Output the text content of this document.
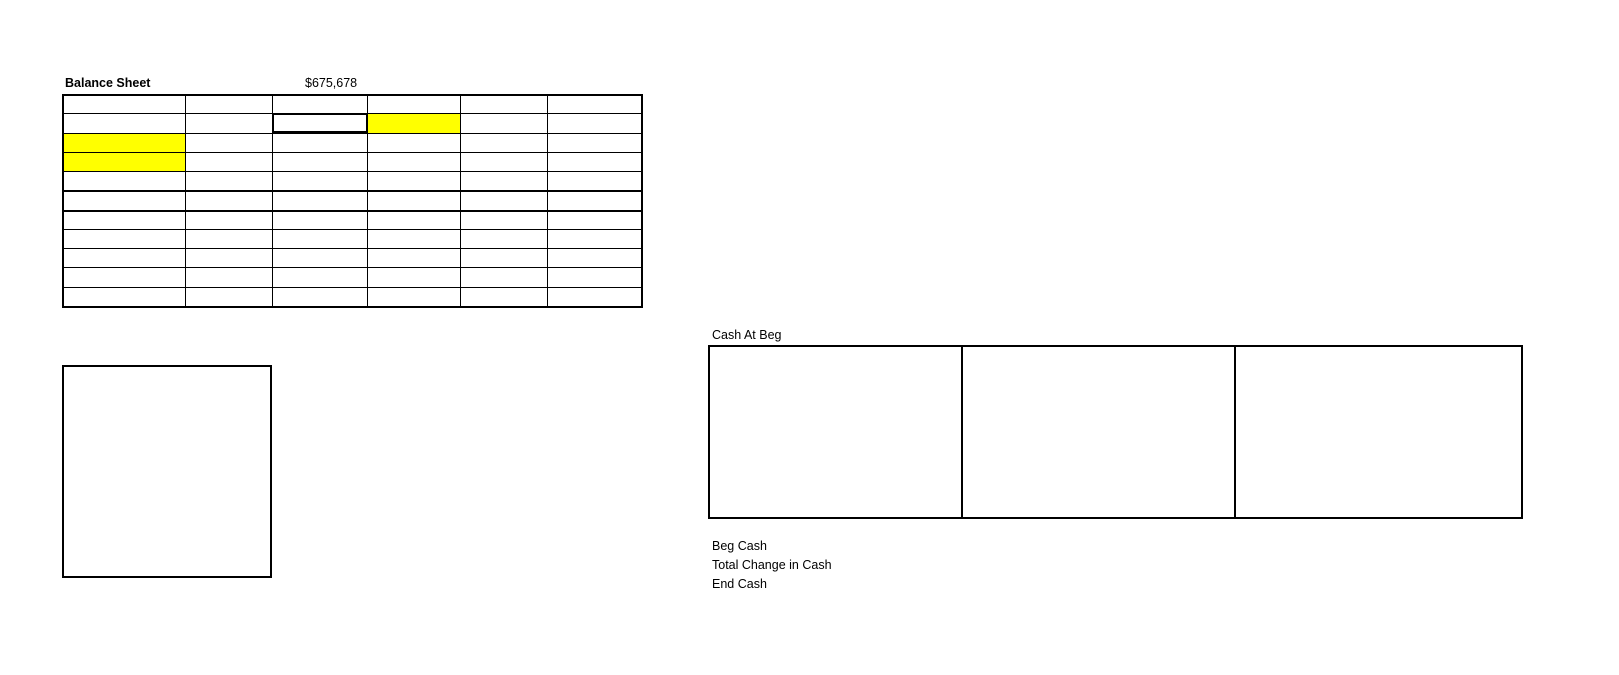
Balance Sheet	$675,678
Cash At Beg
Beg Cash
Total Change in Cash
End Cash
